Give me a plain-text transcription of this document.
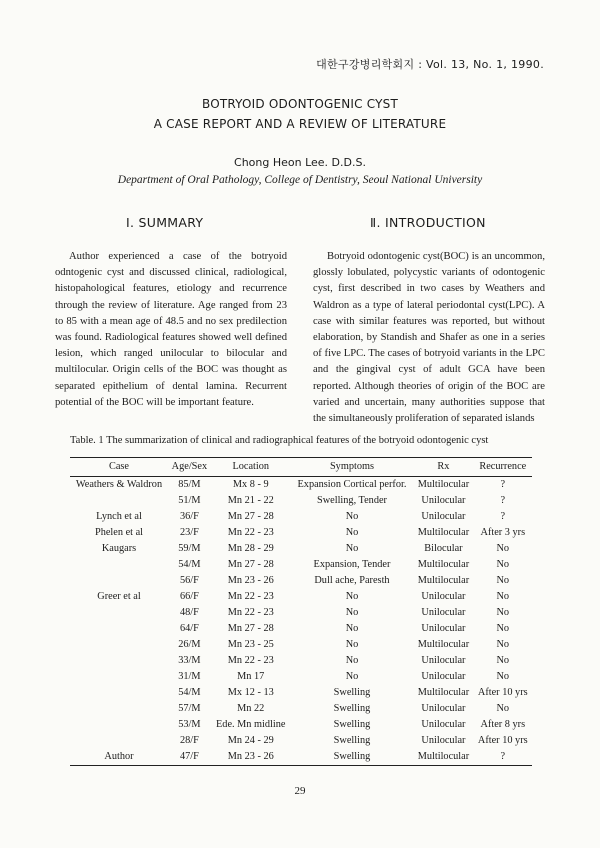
대한구강병리학회지 : Vol. 13, No. 1, 1990.
BOTRYOID ODONTOGENIC CYST
A CASE REPORT AND A REVIEW OF LITERATURE
Chong Heon Lee. D.D.S.
Department of Oral Pathology, College of Dentistry, Seoul National University
Ⅰ. SUMMARY	Ⅱ. INTRODUCTION

Author experienced a case of the botryoid odntogenic cyst and discussed clinical, radiological, histopahological features, etiology and recurrence through the review of literature. Age ranged from 23 to 85 with a mean age of 48.5 and no sex predilection was found. Radiological features showed well defined lesion, which ranged unilocular to bilocular and multilocular. Origin cells of the BOC was thought as separated epithelium of dental lamina. Recurrent potential of the BOC will be important feature.

Botryoid odontogenic cyst(BOC) is an uncommon, glossly lobulated, polycystic variants of odontogenic cyst, first described in two cases by Weathers and Waldron as a type of lateral periodontal cyst(LPC). A case with similar features was reported, but without elaboration, by Standish and Shafer as one in a series of five LPC. The cases of botryoid variants in the LPC and the gingival cyst of adult GCA have been reported. Although theories of origin of the BOC are varied and uncertain, many authorities suppose that the simultaneously proliferation of separated islands

Table. 1 The summarization of clinical and radiographical features of the botryoid odontogenic cyst
Case	Age/Sex	Location	Symptoms	Rx	Recurrence
Weathers & Waldron	85/M	Mx 8 - 9	Expansion Cortical perfor.	Multilocular	?
	51/M	Mn 21 - 22	Swelling, Tender	Unilocular	?
Lynch et al	36/F	Mn 27 - 28	No	Unilocular	?
Phelen et al	23/F	Mn 22 - 23	No	Multilocular	After 3 yrs
Kaugars	59/M	Mn 28 - 29	No	Bilocular	No
	54/M	Mn 27 - 28	Expansion, Tender	Multilocular	No
	56/F	Mn 23 - 26	Dull ache, Paresth	Multilocular	No
Greer et al	66/F	Mn 22 - 23	No	Unilocular	No
	48/F	Mn 22 - 23	No	Unilocular	No
	64/F	Mn 27 - 28	No	Unilocular	No
	26/M	Mn 23 - 25	No	Multilocular	No
	33/M	Mn 22 - 23	No	Unilocular	No
	31/M	Mn 17	No	Unilocular	No
	54/M	Mx 12 - 13	Swelling	Multilocular	After 10 yrs
	57/M	Mn 22	Swelling	Unilocular	No
	53/M	Ede. Mn midline	Swelling	Unilocular	After 8 yrs
	28/F	Mn 24 - 29	Swelling	Unilocular	After 10 yrs
Author	47/F	Mn 23 - 26	Swelling	Multilocular	?
29
